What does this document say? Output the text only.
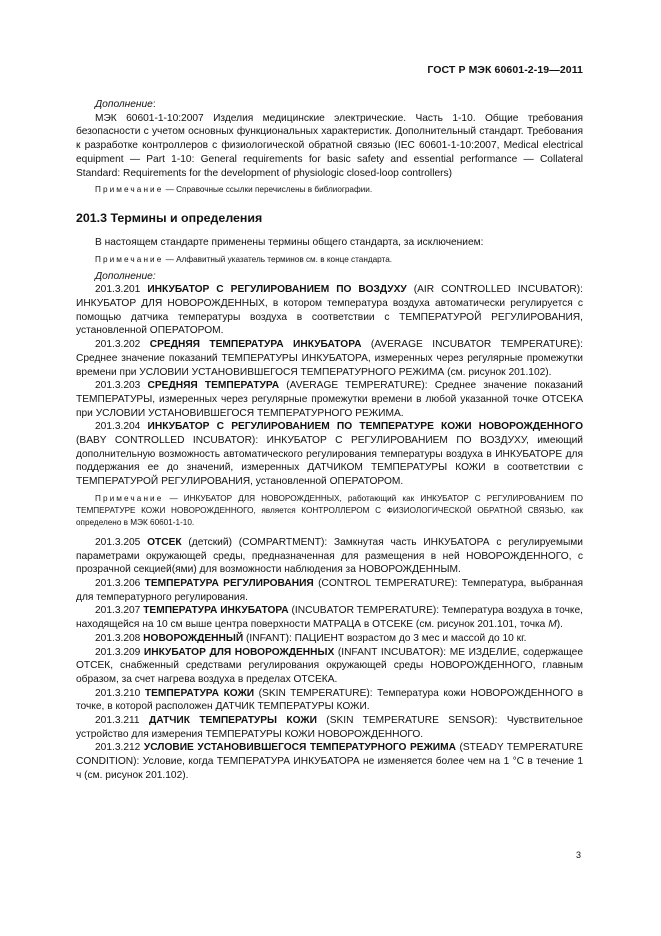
ГОСТ Р МЭК 60601-2-19—2011

Дополнение:

МЭК 60601-1-10:2007 Изделия медицинские электрические. Часть 1-10. Общие требования безопасности с учетом основных функциональных характеристик. Дополнительный стандарт. Требования к разработке контроллеров с физиологической обратной связью (IEC 60601-1-10:2007, Medical electrical equipment — Part 1-10: General requirements for basic safety and essential performance — Collateral Standard: Requirements for the development of physiologic closed-loop controllers)

Примечание — Справочные ссылки перечислены в библиографии.

201.3 Термины и определения

В настоящем стандарте применены термины общего стандарта, за исключением:

Примечание — Алфавитный указатель терминов см. в конце стандарта.

Дополнение:

201.3.201 ИНКУБАТОР С РЕГУЛИРОВАНИЕМ ПО ВОЗДУХУ (AIR CONTROLLED INCUBATOR): ИНКУБАТОР ДЛЯ НОВОРОЖДЕННЫХ, в котором температура воздуха автоматически регулируется с помощью датчика температуры воздуха в соответствии с ТЕМПЕРАТУРОЙ РЕГУЛИРОВАНИЯ, установленной ОПЕРАТОРОМ.

201.3.202 СРЕДНЯЯ ТЕМПЕРАТУРА ИНКУБАТОРА (AVERAGE INCUBATOR TEMPERATURE): Среднее значение показаний ТЕМПЕРАТУРЫ ИНКУБАТОРА, измеренных через регулярные промежутки времени при УСЛОВИИ УСТАНОВИВШЕГОСЯ ТЕМПЕРАТУРНОГО РЕЖИМА (см. рисунок 201.102).

201.3.203 СРЕДНЯЯ ТЕМПЕРАТУРА (AVERAGE TEMPERATURE): Среднее значение показаний ТЕМПЕРАТУРЫ, измеренных через регулярные промежутки времени в любой указанной точке ОТСЕКА при УСЛОВИИ УСТАНОВИВШЕГОСЯ ТЕМПЕРАТУРНОГО РЕЖИМА.

201.3.204 ИНКУБАТОР С РЕГУЛИРОВАНИЕМ ПО ТЕМПЕРАТУРЕ КОЖИ НОВОРОЖДЕННОГО (BABY CONTROLLED INCUBATOR): ИНКУБАТОР С РЕГУЛИРОВАНИЕМ ПО ВОЗДУХУ, имеющий дополнительную возможность автоматического регулирования температуры воздуха в ИНКУБАТОРЕ для поддержания ее до значений, измеренных ДАТЧИКОМ ТЕМПЕРАТУРЫ КОЖИ в соответствии с ТЕМПЕРАТУРОЙ РЕГУЛИРОВАНИЯ, установленной ОПЕРАТОРОМ.

Примечание — ИНКУБАТОР ДЛЯ НОВОРОЖДЕННЫХ, работающий как ИНКУБАТОР С РЕГУЛИРОВАНИЕМ ПО ТЕМПЕРАТУРЕ КОЖИ НОВОРОЖДЕННОГО, является КОНТРОЛЛЕРОМ С ФИЗИОЛОГИЧЕСКОЙ ОБРАТНОЙ СВЯЗЬЮ, как определено в МЭК 60601-1-10.

201.3.205 ОТСЕК (детский) (COMPARTMENT): Замкнутая часть ИНКУБАТОРА с регулируемыми параметрами окружающей среды, предназначенная для размещения в ней НОВОРОЖДЕННОГО, с прозрачной секцией(ями) для возможности наблюдения за НОВОРОЖДЕННЫМ.

201.3.206 ТЕМПЕРАТУРА РЕГУЛИРОВАНИЯ (CONTROL TEMPERATURE): Температура, выбранная для температурного регулирования.

201.3.207 ТЕМПЕРАТУРА ИНКУБАТОРА (INCUBATOR TEMPERATURE): Температура воздуха в точке, находящейся на 10 см выше центра поверхности МАТРАЦА в ОТСЕКЕ (см. рисунок 201.101, точка M).

201.3.208 НОВОРОЖДЕННЫЙ (INFANT): ПАЦИЕНТ возрастом до 3 мес и массой до 10 кг.

201.3.209 ИНКУБАТОР ДЛЯ НОВОРОЖДЕННЫХ (INFANT INCUBATOR): МЕ ИЗДЕЛИЕ, содержащее ОТСЕК, снабженный средствами регулирования окружающей среды НОВОРОЖДЕННОГО, главным образом, за счет нагрева воздуха в пределах ОТСЕКА.

201.3.210 ТЕМПЕРАТУРА КОЖИ (SKIN TEMPERATURE): Температура кожи НОВОРОЖДЕННОГО в точке, в которой расположен ДАТЧИК ТЕМПЕРАТУРЫ КОЖИ.

201.3.211 ДАТЧИК ТЕМПЕРАТУРЫ КОЖИ (SKIN TEMPERATURE SENSOR): Чувствительное устройство для измерения ТЕМПЕРАТУРЫ КОЖИ НОВОРОЖДЕННОГО.

201.3.212 УСЛОВИЕ УСТАНОВИВШЕГОСЯ ТЕМПЕРАТУРНОГО РЕЖИМА (STEADY TEMPERATURE CONDITION): Условие, когда ТЕМПЕРАТУРА ИНКУБАТОРА не изменяется более чем на 1 °С в течение 1 ч (см. рисунок 201.102).

3
